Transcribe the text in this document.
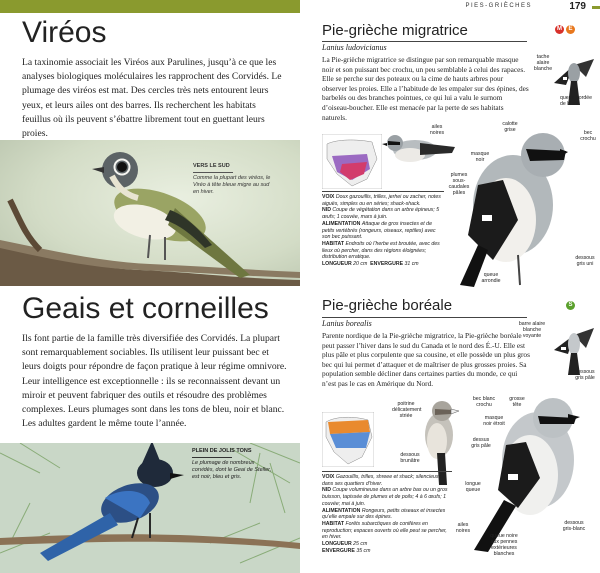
PIES-GRIÈCHES	179
Viréos
La taxinomie associait les Viréos aux Parulines, jusqu’à ce que les analyses biologiques moléculaires les rapprochent des Corvidés. Le plumage des viréos est mat. Des cercles très nets entourent leurs yeux, et leurs ailes ont des barres. Ils recherchent les habitats feuillus où ils peuvent s’ébattre librement tout en guettant leurs proies.
VERS LE SUD
Comme la plupart des viréos, le Viréo à tête bleue migre au sud en hiver.
Geais et corneilles
Ils font partie de la famille très diversifiée des Corvidés. La plupart sont remarquablement sociables. Ils utilisent leur puissant bec et leurs doigts pour répondre de façon pratique à leur régime omnivore. Leur intelligence est exceptionnelle : ils se reconnaissent devant un miroir et peuvent fabriquer des outils et résoudre des problèmes complexes. Leurs plumages sont dans les tons de bleu, noir et blanc. Les adultes gardent le même toute l’année.
PLEIN DE JOLIS TONS
Le plumage de nombreux corvidés, dont le Geai de Steller, est noir, bleu et gris.
Pie-grièche migratrice	M	E
Lanius ludovicianus
La Pie-grièche migratrice se distingue par son remarquable masque noir et son puissant bec crochu, un peu semblable à celui des rapaces. Elle se perche sur des poteaux ou la cime de hauts arbres pour observer les proies. Elle a l’habitude de les empaler sur des épines, des barbelés ou des branches pointues, ce qui lui a valu le surnom d’oiseau-boucher. Elle est menacée par la perte de ses habitats naturels.
tache alaire blanche
queue bordée de blanc
ailes noires
plumes sous-caudales pâles
calotte grise	bec crochu
masque noir
dessous gris uni
queue arrondie
VOIX Doux gazouillis, trilles, jerhei ou zacher, notes aiguës, simples ou en séries; shack-shack.
NID Coupe de végétation dans un arbre épineux; 5 œufs; 1 couvée, mars à juin.
ALIMENTATION Attaque de gros insectes et de petits vertébrés (rongeurs, oiseaux, reptiles) avec son bec puissant.
HABITAT Endroits où l’herbe est broutée, avec des lieux où percher, dans des régions éloignées; distribution erratique.
LONGUEUR 20 cm ENVERGURE 31 cm
Pie-grièche boréale	S
Lanius borealis
Parente nordique de la Pie-grièche migratrice, la Pie-grièche boréale peut passer l’hiver dans le sud du Canada et le nord des É.-U. Elle est plus pâle et plus corpulente que sa cousine, et elle possède un plus gros bec qui lui permet d’attaquer et de maîtriser de plus grosses proies. Sa population semble décliner dans certaines parties du monde, ce qui n’est pas le cas en Amérique du Nord.
barre alaire blanche voyante
dessous gris pâle
poitrine délicatement striée
bec blanc crochu
dessous brunâtre
grosse tête
masque noir étroit
dessus gris pâle
longue queue
ailes noires
queue noire aux pennes extérieures blanches
dessous gris-blanc
VOIX Gazouillis, trilles, shreee et shack; silencieuse dans ses quartiers d’hiver.
NID Coupe volumineuse dans un arbre bas ou un gros buisson, tapissée de plumes et de poils; 4 à 6 œufs; 1 couvée; mai à juin.
ALIMENTATION Rongeurs, petits oiseaux et insectes qu’elle empale sur des épines.
HABITAT Forêts subarctiques de conifères en reproduction; espaces ouverts où elle peut se percher, en hiver.
LONGUEUR 25 cm
ENVERGURE 35 cm
